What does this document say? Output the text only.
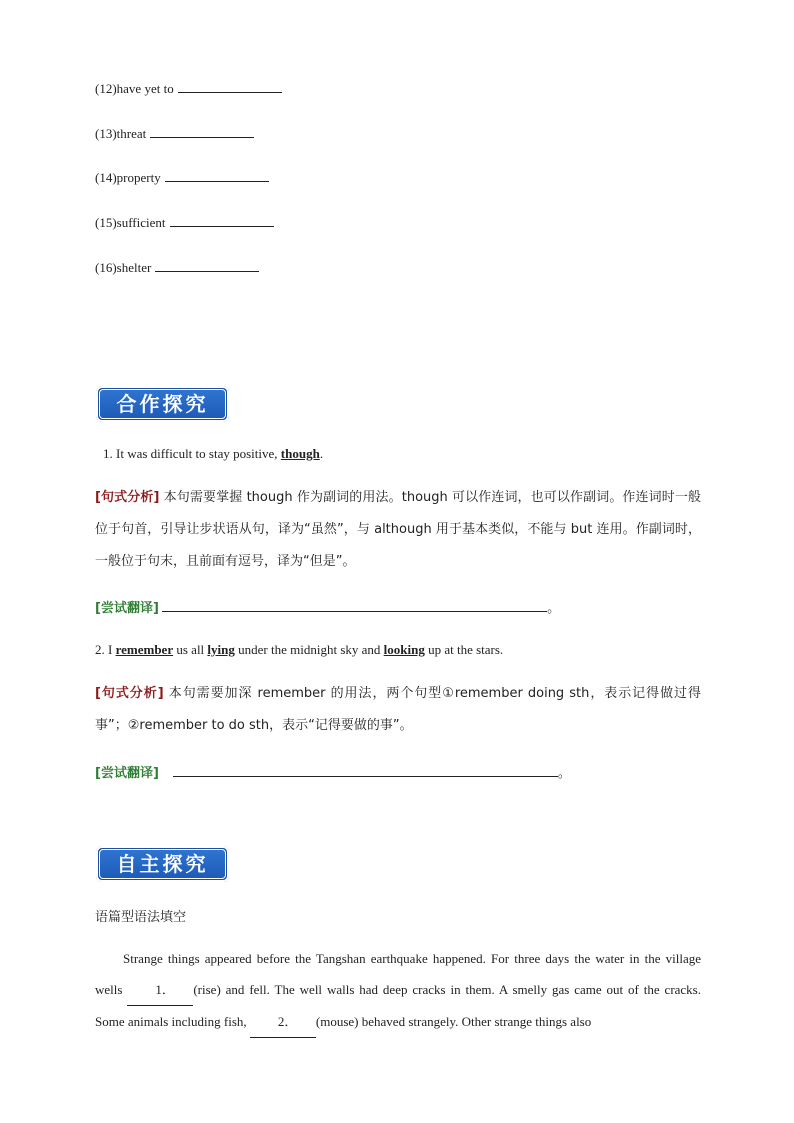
(12)have yet to
(13)threat
(14)property
(15)sufficient
(16)shelter
合作探究
1. It was difficult to stay positive, though.
[句式分析] 本句需要掌握 though 作为副词的用法。though 可以作连词，也可以作副词。作连词时一般位于句首，引导让步状语从句，译为“虽然”，与 although 用于基本类似，不能与 but 连用。作副词时，一般位于句末，且前面有逗号，译为“但是”。
[尝试翻译]	。
2. I remember us all lying under the midnight sky and looking up at the stars.
[句式分析] 本句需要加深 remember 的用法，两个句型①remember doing sth，表示记得做过得事”；②remember to do sth，表示“记得要做的事”。
[尝试翻译]	。
自主探究
语篇型语法填空
Strange things appeared before the Tangshan earthquake happened. For three days the water in the village wells 1． (rise) and fell. The well walls had deep cracks in them. A smelly gas came out of the cracks. Some animals including fish, 2． (mouse) behaved strangely. Other strange things also
